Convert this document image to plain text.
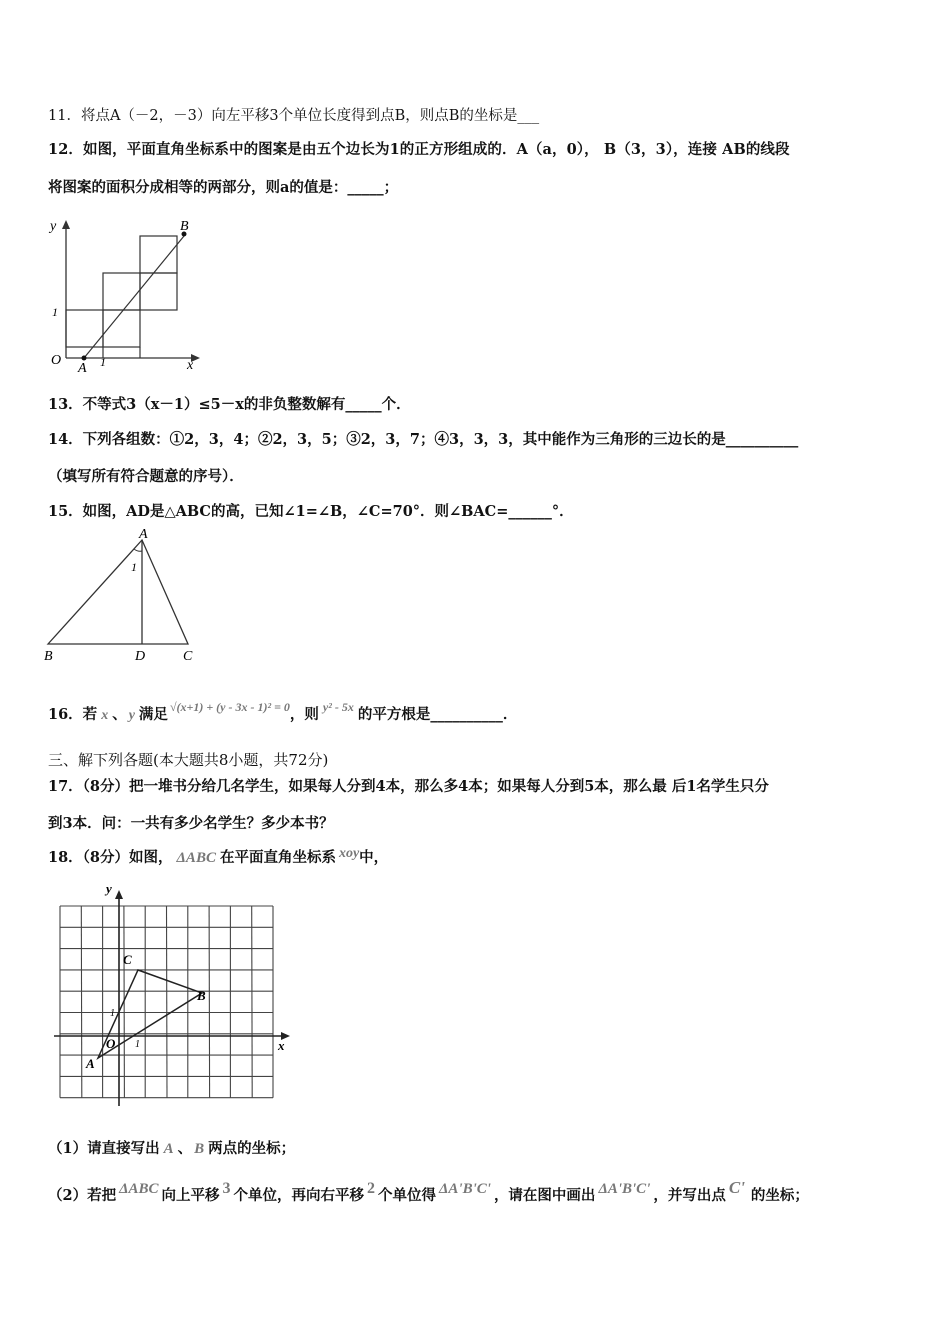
11．将点A（－2，－3）向左平移3个单位长度得到点B，则点B的坐标是___
12．如图，平面直角坐标系中的图案是由五个边长为1的正方形组成的．A（a，0）， B（3，3），连接 AB的线段
将图案的面积分成相等的两部分，则a的值是：_____；
y
x
O
A
B
1
1
13．不等式3（x－1）≤5－x的非负整数解有_____个．
14．下列各组数：①2，3，4；②2，3，5；③2，3，7；④3，3，3，其中能作为三角形的三边长的是__________
（填写所有符合题意的序号）．
15．如图，AD是△ABC的高，已知∠1=∠B，∠C=70°．则∠BAC=______°．
A
B	C
D
1
16．若 x 、 y 满足 $^{√(x+1) + (y - 3x - 1)^2 = 0}$，则 $^{y^2 - 5x}$ 的平方根是__________．
三、解下列各题(本大题共8小题，共72分)
17．（8分）把一堆书分给几名学生，如果每人分到4本，那么多4本；如果每人分到5本，那么最 后1名学生只分
到3本．问：一共有多少名学生？多少本书？
18．（8分）如图， ΔABC 在平面直角坐标系 xoy中，
C
B
A
O
y
x
1
1
（1）请直接写出 A 、 B 两点的坐标；
（2）若把 ΔABC 向上平移 3 个单位，再向右平移 2 个单位得 ΔA'B'C' ，请在图中画出 ΔA'B'C' ，并写出点 C' 的坐标；
